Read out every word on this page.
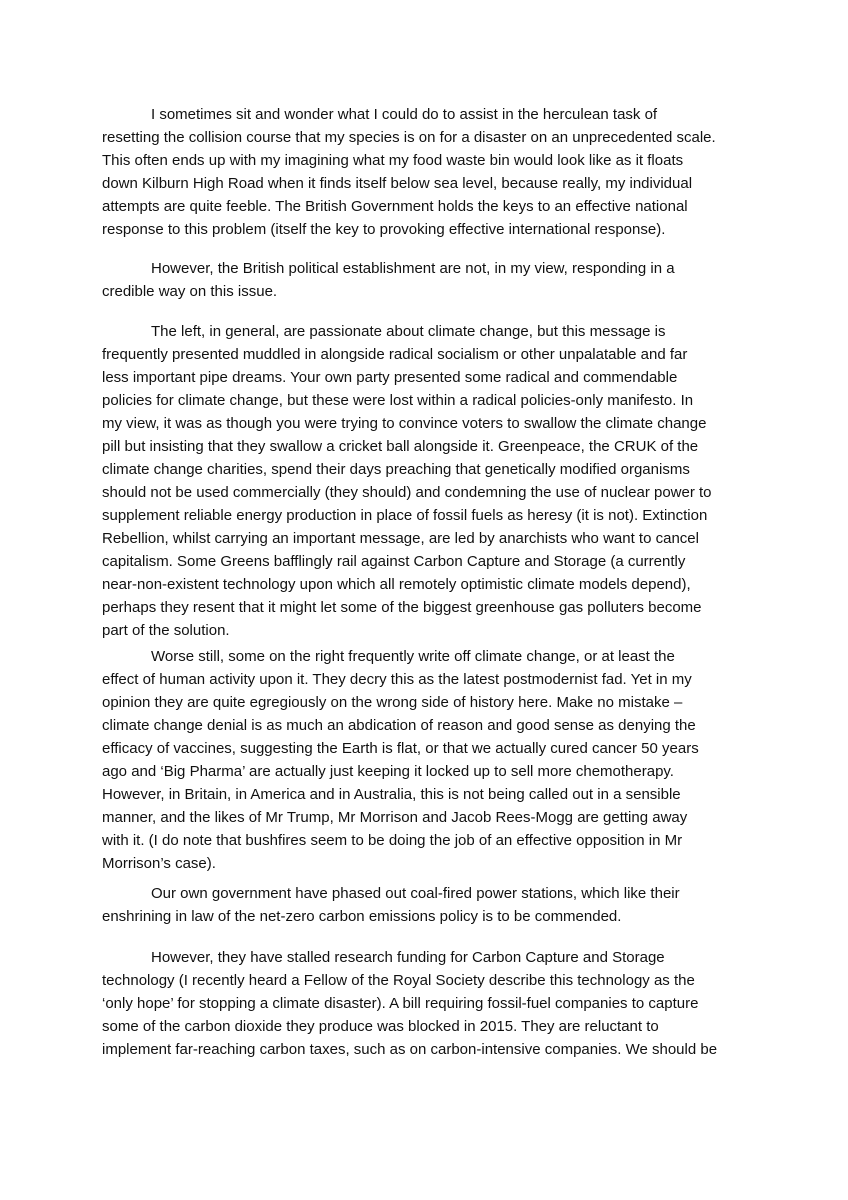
I sometimes sit and wonder what I could do to assist in the herculean task of
resetting the collision course that my species is on for a disaster on an unprecedented scale.
This often ends up with my imagining what my food waste bin would look like as it floats
down Kilburn High Road when it finds itself below sea level, because really, my individual
attempts are quite feeble. The British Government holds the keys to an effective national
response to this problem (itself the key to provoking effective international response).
However, the British political establishment are not, in my view, responding in a
credible way on this issue.
The left, in general, are passionate about climate change, but this message is
frequently presented muddled in alongside radical socialism or other unpalatable and far
less important pipe dreams. Your own party presented some radical and commendable
policies for climate change, but these were lost within a radical policies-only manifesto. In
my view, it was as though you were trying to convince voters to swallow the climate change
pill but insisting that they swallow a cricket ball alongside it. Greenpeace, the CRUK of the
climate change charities, spend their days preaching that genetically modified organisms
should not be used commercially (they should) and condemning the use of nuclear power to
supplement reliable energy production in place of fossil fuels as heresy (it is not). Extinction
Rebellion, whilst carrying an important message, are led by anarchists who want to cancel
capitalism. Some Greens bafflingly rail against Carbon Capture and Storage (a currently
near-non-existent technology upon which all remotely optimistic climate models depend),
perhaps they resent that it might let some of the biggest greenhouse gas polluters become
part of the solution.
Worse still, some on the right frequently write off climate change, or at least the
effect of human activity upon it. They decry this as the latest postmodernist fad. Yet in my
opinion they are quite egregiously on the wrong side of history here. Make no mistake –
climate change denial is as much an abdication of reason and good sense as denying the
efficacy of vaccines, suggesting the Earth is flat, or that we actually cured cancer 50 years
ago and ‘Big Pharma’ are actually just keeping it locked up to sell more chemotherapy.
However, in Britain, in America and in Australia, this is not being called out in a sensible
manner, and the likes of Mr Trump, Mr Morrison and Jacob Rees-Mogg are getting away
with it. (I do note that bushfires seem to be doing the job of an effective opposition in Mr
Morrison’s case).
Our own government have phased out coal-fired power stations, which like their
enshrining in law of the net-zero carbon emissions policy is to be commended.
However, they have stalled research funding for Carbon Capture and Storage
technology (I recently heard a Fellow of the Royal Society describe this technology as the
‘only hope’ for stopping a climate disaster). A bill requiring fossil-fuel companies to capture
some of the carbon dioxide they produce was blocked in 2015. They are reluctant to
implement far-reaching carbon taxes, such as on carbon-intensive companies. We should be
